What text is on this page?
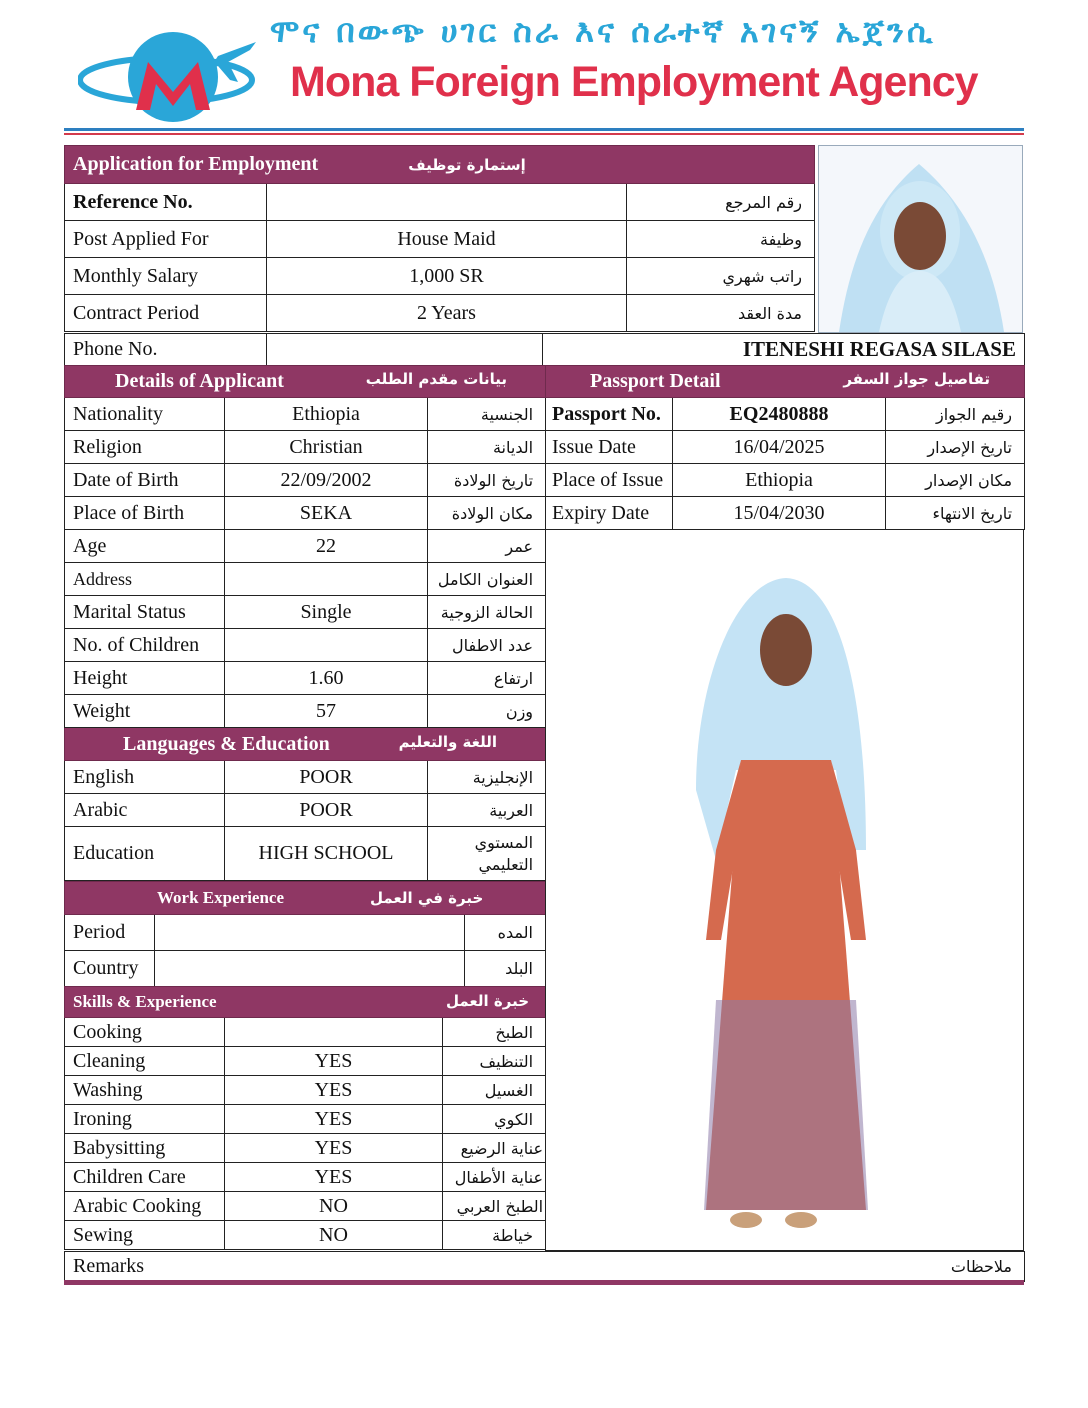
ሞና በውጭ ሀገር ስራ እና ሰራተኛ አገናኝ ኤጀንሲ
Mona Foreign Employment Agency
Application for Employment إستمارة توظيف		
Reference No.		رقم المرجع
Post Applied For	House Maid	وظيفة
Monthly Salary	1,000 SR	راتب شهري
Contract Period	2 Years	مدة العقد
Phone No.		ITENESHI REGASA SILASE
Details of Applicant بيانات مقدم الطلب		

Nationality	Ethiopia	الجنسية
Religion	Christian	الديانة
Date of Birth	22/09/2002	تاريخ الولادة
Place of Birth	SEKA	مكان الولادة
Age	22	عمر
Address		العنوان الكامل
Marital Status	Single	الحالة الزوجية
No. of Children		عدد الاطفال
Height	1.60	ارتفاع
Weight	57	وزن

Languages & Education اللغة والتعليم		

English	POOR	الإنجليزية
Arabic	POOR	العربية
Education	HIGH SCHOOL	المستوي التعليمي
Work Experience خبرة في العمل		
Period		المده
Country		البلد
Skills & Experience خبرة العمل		

Cooking		الطبخ
Cleaning	YES	التنظيف
Washing	YES	الغسيل
Ironing	YES	الكوي
Babysitting	YES	عناية الرضيع
Children Care	YES	عناية الأطفال
Arabic Cooking	NO	الطبخ العربي
Sewing	NO	خياطة
Passport Detail تفاصيل جواز السفر		

Passport No.	EQ2480888	رقيم الجواز
Issue Date	16/04/2025	تاريخ الإصدار
Place of Issue	Ethiopia	مكان الإصدار
Expiry Date	15/04/2030	تاريخ الانتهاء
Remarks	ملاحظات
